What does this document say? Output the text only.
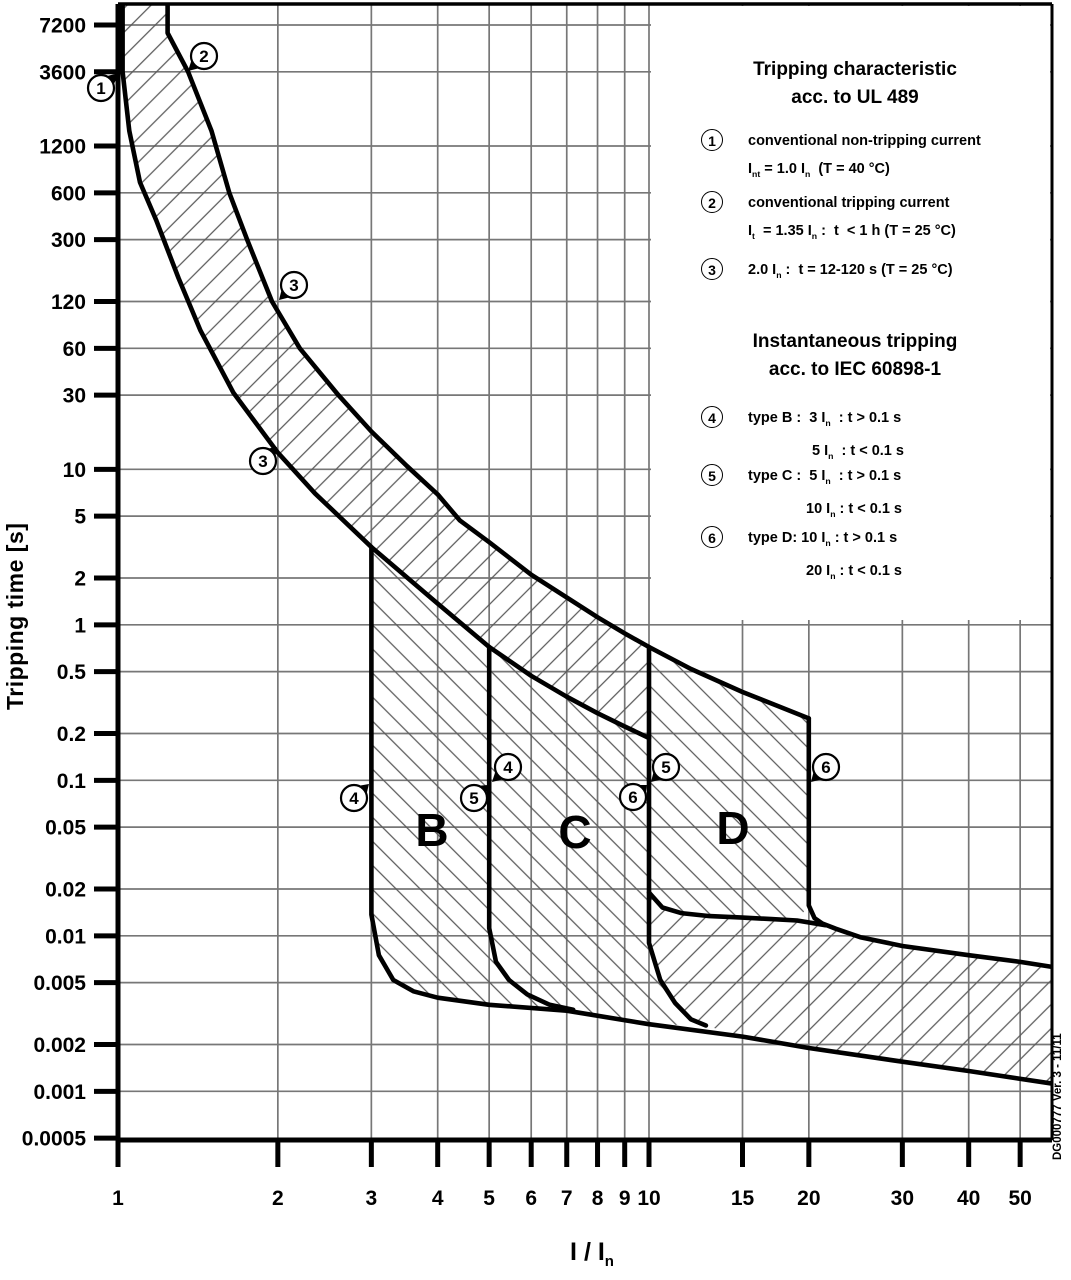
7200
3600
1200
600
300
120
60
30
10
5
2
1
0.5
0.2
0.1
0.05
0.02
0.01
0.005
0.002
0.001
0.0005
1	2	3	4 5 6 7 8 9 10	15 20	30 40 50
B C	D
1
2
3
3
4
4
5
5
6
6
Tripping time [s]
I / $I_n$
DG000777 Ver. 3 - 11/11
Tripping characteristic
acc. to UL 489
1	conventional non-tripping current
$I_{nt} = 1.0$ $I_n$  (T = 40 °C)
2	conventional tripping current
$I_t = 1.35$ $I_n$ :  t  < 1 h (T = 25 °C)
3	2.0 $I_n$ :  t = 12-120 s (T = 25 °C)
Instantaneous tripping
acc. to IEC 60898-1
4	type B :  3 $I_n$  : t > 0.1 s
5 $I_n$  : t < 0.1 s
5	type C :  5 $I_n$  : t > 0.1 s
10 $I_n$ : t < 0.1 s
6	type D: 10 $I_n$ : t > 0.1 s
20 $I_n$ : t < 0.1 s
